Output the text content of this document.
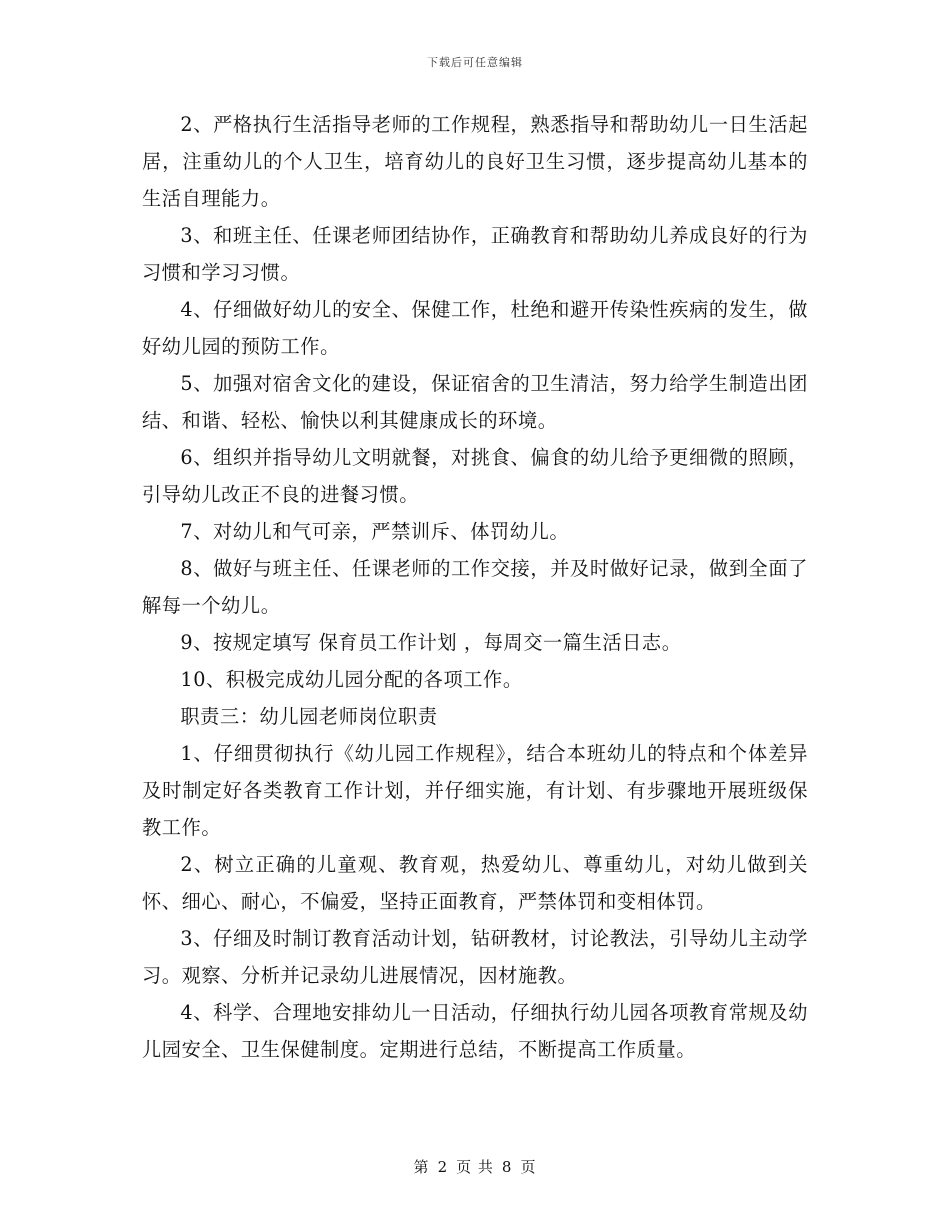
下载后可任意编辑

2、严格执行生活指导老师的工作规程，熟悉指导和帮助幼儿一日生活起居，注重幼儿的个人卫生，培育幼儿的良好卫生习惯，逐步提高幼儿基本的生活自理能力。

3、和班主任、任课老师团结协作，正确教育和帮助幼儿养成良好的行为习惯和学习习惯。

4、仔细做好幼儿的安全、保健工作，杜绝和避开传染性疾病的发生，做好幼儿园的预防工作。

5、加强对宿舍文化的建设，保证宿舍的卫生清洁，努力给学生制造出团结、和谐、轻松、愉快以利其健康成长的环境。

6、组织并指导幼儿文明就餐，对挑食、偏食的幼儿给予更细微的照顾，引导幼儿改正不良的进餐习惯。

7、对幼儿和气可亲，严禁训斥、体罚幼儿。

8、做好与班主任、任课老师的工作交接，并及时做好记录，做到全面了解每一个幼儿。

9、按规定填写 保育员工作计划 ，每周交一篇生活日志。

10、积极完成幼儿园分配的各项工作。

职责三：幼儿园老师岗位职责

1、仔细贯彻执行《幼儿园工作规程》，结合本班幼儿的特点和个体差异及时制定好各类教育工作计划，并仔细实施，有计划、有步骤地开展班级保教工作。

2、树立正确的儿童观、教育观，热爱幼儿、尊重幼儿，对幼儿做到关怀、细心、耐心，不偏爱，坚持正面教育，严禁体罚和变相体罚。

3、仔细及时制订教育活动计划，钻研教材，讨论教法，引导幼儿主动学习。观察、分析并记录幼儿进展情况，因材施教。

4、科学、合理地安排幼儿一日活动，仔细执行幼儿园各项教育常规及幼儿园安全、卫生保健制度。定期进行总结，不断提高工作质量。

第 2 页 共 8 页
